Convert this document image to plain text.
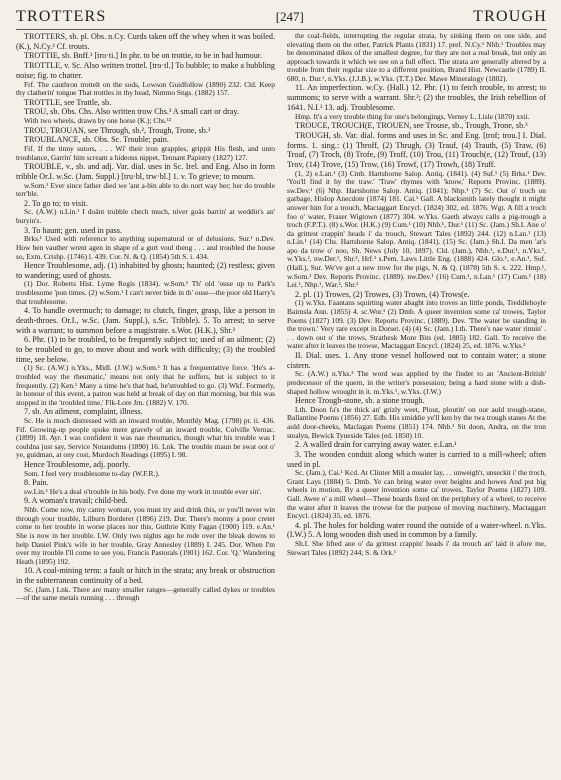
TROTTERS	[247]	TROUGH

TROTTERS, sb. pl. Obs. n.Cy. Curds taken off the whey when it was boiled. (K.), N.Cy.² Cf. trouts.

TROTTIE, sb. Bnff.¹ [tro·ti.] In phr. to be on trottie, to be in bad humour.

TROTTLE, v. Sc. Also written trottel. [tro·tl.] To bubble; to make a bubbling noise; fig. to chatter.

Frf. The cauthron trottelt on the sods, Lowson Guidfollow (1890) 232. Cld. Keep thy clatherin' tongue That trottles in thy head, Nimmo Sngs. (1882) 157.

TROTTLE, see Trattle, sb.

TROU, sb. Obs. Chs. Also written trow Chs.³ A small cart or dray.

With two wheels, drawn by one horse (K.); Chs.¹²

TROU, TROUAN, see Through, sb.², Trough, Trone, sb.³

TROUBLANCE, sb. Obs. Sc. Trouble; pain.

Fif. If the tinny sutors, . . . Wi' their iron grapples, grippit His flesh, and unto troublance, Garrin' him scream a hideous nippet, Tennant Papistry (1827) 127.

TROUBLE, v., sb. and adj. Var. dial. uses in Sc. Irel. and Eng. Also in form tribble Or.I. w.Sc. (Jam. Suppl.) [tru·bl, trw·bl.] 1. v. To grieve; to mourn.

w.Som.¹ Ever since father died we 'ant a-bin able to do nort way her; her do trouble terr'ble.

2. To go to; to visit.

Sc. (A.W.) n.Lin.¹ I doänt trubble chech much, niver goäs barrin' at weddin's an' buryin's.

3. To haunt; gen. used in pass.

Brks.¹ Used with reference to anything supernatural or of delusions. Sur.¹ n.Dev. How ben vauther wrent agen in shape of a gurt voul theng . . . and troubled the house so, Exm. Crtshp. (1746) l. 439. Cor. N. & Q. (1854) 5th S. i. 434.

Hence Troublesome, adj. (1) inhabited by ghosts; haunted; (2) restless; given to wandering; used of ghosts.

(1) Dor. Roberts Hist. Lyme Regis (1834). w.Som.¹ Th' old 'ouse up to Park's troublesome 'pon times. (2) w.Som.¹ I can't never bide in th' ouse—the poor old Harry's that troublesome.

4. To handle overmuch; to damage; to clutch, finger, grasp, like a person in death-throes. Or.I., w.Sc. (Jam. Suppl.), s.Sc. Tribble). 5. To arrest; to serve with a warrant; to summon before a magistrate. s.Wor. (H.K.), Shr.²

6. Phr. (1) to be troubled, to be frequently subject to; used of an ailment; (2) to be troubled to go, to move about and work with difficulty; (3) the troubled time, see below.

(1) Sc. (A.W.) n.Yks., Midl. (J.W.) w.Som.¹ It has a frequentative force. 'He's a-troubled way the rheumatic,' means not only that he suffers, but is subject to it frequently. (2) Ken.¹ Many a time he's that bad, he'stroubled to go. (3) Wkf. Formerly, in honour of this event, a patron was held at break of day on that morning, but this was stopped in the 'troubled time,' Flk-Lore Jrn. (1882) V. 170.

7. sb. An ailment, complaint, illness.

Sc. He is much distressed with an inward trouble, Monthly Mag. (1798) pt. ii. 436. Fif. Growing-up people spoke mere gravely of an inward trouble, Colville Vernac. (1899) 18. Ayr. I was confident it was nae rheumatics, though what his trouble was I couldna just say, Service Notandums (1890) 16. Lnk. The trouble maun be swat oot o' ye, guidman, at ony cost, Murdoch Readings (1895) I. 98.

Hence Troublesome, adj. poorly.

Som. I feel very troublesome to-day (W.F.R.).

8. Pain.

sw.Lin.¹ He's a deal o'trouble in his body. I've done my work in trouble ever sin'.

9. A woman's travail; child-bed.

Nhb. Come now, my canny woman, you must try and drink this, or you'll never win through your trouble, Lilburn Borderer (1896) 219. Dur. There's monny a poor creter come to her trouble in worse places nor this, Guthrie Kitty Fagan (1900) 119. e.An.¹ She is now in her trouble. I.W. Only two nights ago he rode over the bleak downs to help Daniel Pink's wife in her trouble, Gray Annesley (1889) I. 245. Dor. When I'm over my trouble I'll come to see you, Francis Pastorals (1901) 162. Cor. 'Q.' Wandering Heath (1895) 192.

10. A coal-mining term: a fault or hitch in the strata; any break or obstruction in the subterranean continuity of a bed.

Sc. (Jam.) Lnk. There are many smaller ranges—generally called dykes or troubles—of the same metals running . . . through

the coal-fields, interrupting the regular strata, by sinking them on one side, and elevating them on the other, Patrick Plants (1831) 17. pref. N.Cy.¹ Nhb.¹ Troubles may be denominated dikes of the smallest degree, for they are not a real break, but only an approach towards it which we see on a full effect. The strata are generally altered by a trouble from their regular size to a different position, Brand Hist. Newcastle (1789) II. 680, n. Dur.¹, n.Yks. (J.J.B.), w.Yks. (T.T.) Der. Mawe Mineralogy (1802).

11. An imperfection. w.Cy. (Hall.) 12. Phr. (1) to fetch trouble, to arrest; to summons; to serve with a warrant. Shr.²; (2) the troubles, the Irish rebellion of 1641. N.I.¹ 13. adj. Troublesome.

Hmp. It's a very trouble thing for one's belongings, Verney L. Lisle (1870) xxii.

TROUCE, TROUCH(E, TROUEN, see Trouse, sb., Trough, Trone, sb.³

TROUGH, sb. Var. dial. forms and uses in Sc. and Eng. [trof; trou.] I. Dial. forms. 1. sing.: (1) Throff, (2) Thrugh, (3) Trauf, (4) Trauth, (5) Traw, (6) Troaf, (7) Troch, (8) Trofe, (9) Troff, (10) Trou, (11) Trouch(e, (12) Trouf, (13) Trov, (14) Trove, (15) Trow, (16) Trowf, (17) Trowh, (18) Truff.

(1, 2) e.Lan.¹ (3) Cmb. Hartshorne Salop. Antiq. (1841). (4) Suf.¹ (5) Brks.¹ Dev. 'You'll find it by the traw.' 'Traw' rhymes with 'know,' Reports Provinc. (1889). sw.Dev.¹ (6) Nhp. Hartshorne Salop. Antiq. (1841); Nhp.¹ (7) Sc. Out o' troch on garbage, Hislop Anecdote (1874) 181. Cai.¹ Gall. A blacksmith lately thought it might answer him for a trouch, Mactaggart Encycl. (1824) 302, ed. 1876. Wgt. A fill a troch foo o' water, Fraser Wigtown (1877) 304. w.Yks. Gaeth always calls a pig-trough a troch (F.P.T.). (8) s.Wor. (H.K.) (9) Cum.¹ (10) Nhb.¹, Dur.¹ (11) Sc. (Jam.) Sh.I. Ane o' da grittest crappin' heads i' da trouch, Stewart Tales (1892) 244. (12) n.Lan.¹ (13) n.Lin.¹ (14) Chs. Hartshorne Salop. Antiq. (1841). (15) Sc. (Jam.) Sh.I. Da men 'at's apo da trow o' noo, Sh. News (July 10, 1897). Cld. (Jam.), Nhb.¹, e.Dur.¹, n.Yks.¹, w.Yks.², nw.Der.¹, Shr.², Hrf.² s.Pem. Laws Little Eng. (1888) 424. Glo.¹, e.An.¹, Suf. (Hall.), Sur. We've got a new trow for the pigs, N. & Q. (1878) 5th S. x. 222. Hmp.¹, w.Som.¹ Dev. Reports Provinc. (1889). nw.Dev.¹ (16) Cum.¹, n.Lan.¹ (17) Cum.¹ (18) Lei.¹, Nhp.¹, War.², Shr.²

2. pl. (1) Trowes, (2) Trowes, (3) Trown, (4) Trows(e.

(1) w.Yks. Faantans squirting water abaght into troves an little ponds, Treddlehoyle Bairnsla Ann. (1855) 4. sc.Wor.¹ (2) Dmb. A queer invention some ca' trowes, Taylor Poems (1827) 109. (3) Dev. Reports Provinc. (1889). Dev. 'The water be standing in the trown.' Very rare except in Dorset. (4) (4) Sc. (Jam.) Lth. There's nae water rinnin' . . . down out o' the trows, Strathesk More Bits (ed. 1885) 182. Gall. To receive the water after it leaves the trowse, Mactaggart Encycl. (1824) 25, ed. 1876. w.Yks.²

II. Dial. uses. 1. Any stone vessel hollowed out to contain water; a stone cistern.

Sc. (A.W.) n.Yks.³ The word was applied by the finder to an 'Ancient-British' predecessor of the quern, in the writer's possession; being a hard stone with a dish-shaped hollow wrought in it. m.Yks.¹, w.Yks. (J.W.)

Hence Trough-stone, sb. a stone trough.

Lth. Doon fa's the thick an' grizly weet, Plout, ploutin' on our auld trough-stane, Ballantine Poems (1856) 27. Edb. His smiddie ye'll ken by the twa trough stanes At the auld door-cheeks, Maclagan Poems (1851) 174. Nhb.¹ Sit doon, Andra, on the tron stealyn, Bewick Tyneside Tales (ed. 1850) 10.

2. A walled drain for carrying away water. e.Lan.¹

3. The wooden conduit along which water is carried to a mill-wheel; often used in pl.

Sc. (Jam.), Cai.¹ Kcd. At Clinter Mill a mealer lay, . . unweigh't, unseckit i' the troch, Grant Lays (1884) 5. Dmb. Ye can bring water over heights and howes And put big wheels in motion, By a queer invention some ca' trowes, Taylor Poems (1827) 109. Gall. Awee o' a mill wheel—These boards fixed on the periphery of a wheel, to receive the water after it leaves the trowse for the purpose of moving machinery, Mactaggart Encycl. (1824) 35, ed. 1876.

4. pl. The holes for holding water round the outside of a water-wheel. n.Yks. (I.W.) 5. A long wooden dish used in common by a family.

Sh.I. She lifted ane o' da grittest crappin' heads i' da trouch an' laid it afore me, Stewart Tales (1892) 244; S. & Ork.¹
